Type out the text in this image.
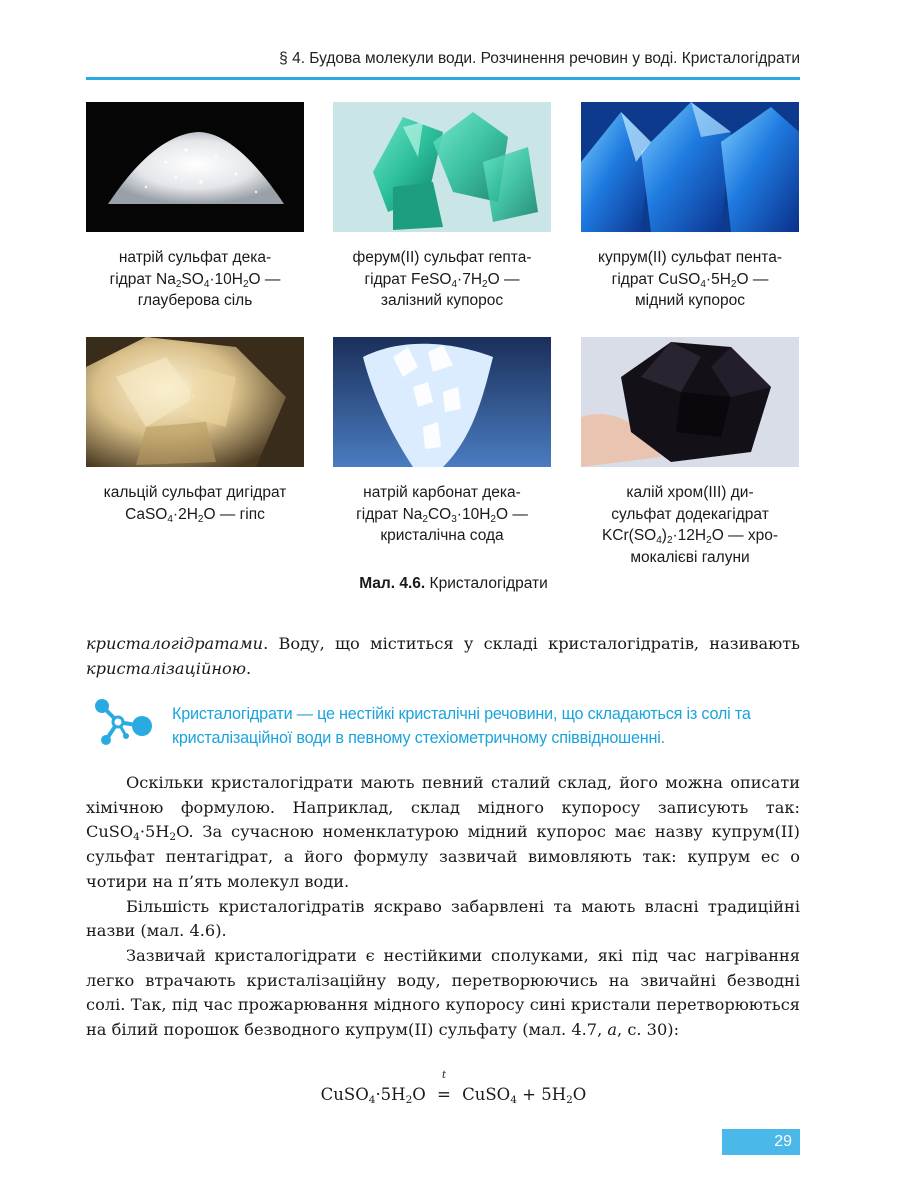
§ 4. Будова молекули води. Розчинення речовин у воді. Кристалогідрати
натрій сульфат дека-
гідрат $Na_2SO_4\cdot 10H_2O$ —
глауберова сіль
ферум(ІІ) сульфат гепта-
гідрат $FeSO_4\cdot 7H_2O$ —
залізний купорос
купрум(ІІ) сульфат пента-
гідрат $CuSO_4\cdot 5H_2O$ —
мідний купорос
кальцій сульфат дигідрат
$CaSO_4\cdot 2H_2O$ — гіпс
натрій карбонат дека-
гідрат $Na_2CO_3\cdot 10H_2O$ —
кристалічна сода
калій хром(ІІІ) ди-
сульфат додекагідрат
$KCr(SO_4)_2\cdot 12H_2O$ — хро-
мокалієві галуни
Мал. 4.6. Кристалогідрати

кристалогідратами. Воду, що міститься у складі кристалогідратів, називають кристалізаційною.

Кристалогідрати — це нестійкі кристалічні речовини, що складаються із солі та кристалізаційної води в певному стехіометричному співвідношенні.

Оскільки кристалогідрати мають певний сталий склад, його можна описати хімічною формулою. Наприклад, склад мідного купоросу записують так: $CuSO_4\cdot 5H_2O$. За сучасною номенклатурою мідний купорос має назву купрум(ІІ) сульфат пентагідрат, а його формулу зазвичай вимовляють так: купрум ес о чотири на п’ять молекул води.

Більшість кристалогідратів яскраво забарвлені та мають власні традиційні назви (мал. 4.6).

Зазвичай кристалогідрати є нестійкими сполуками, які під час нагрівання легко втрачають кристалізаційну воду, перетворюючись на звичайні безводні солі. Так, під час прожарювання мідного купоросу сині кристали перетворюються на білий порошок безводного купрум(ІІ) сульфату (мал. 4.7, а, с. 30):

$CuSO_4\cdot 5H_2O$
t
= CuSO$_4$ + $5H_2O$
29
